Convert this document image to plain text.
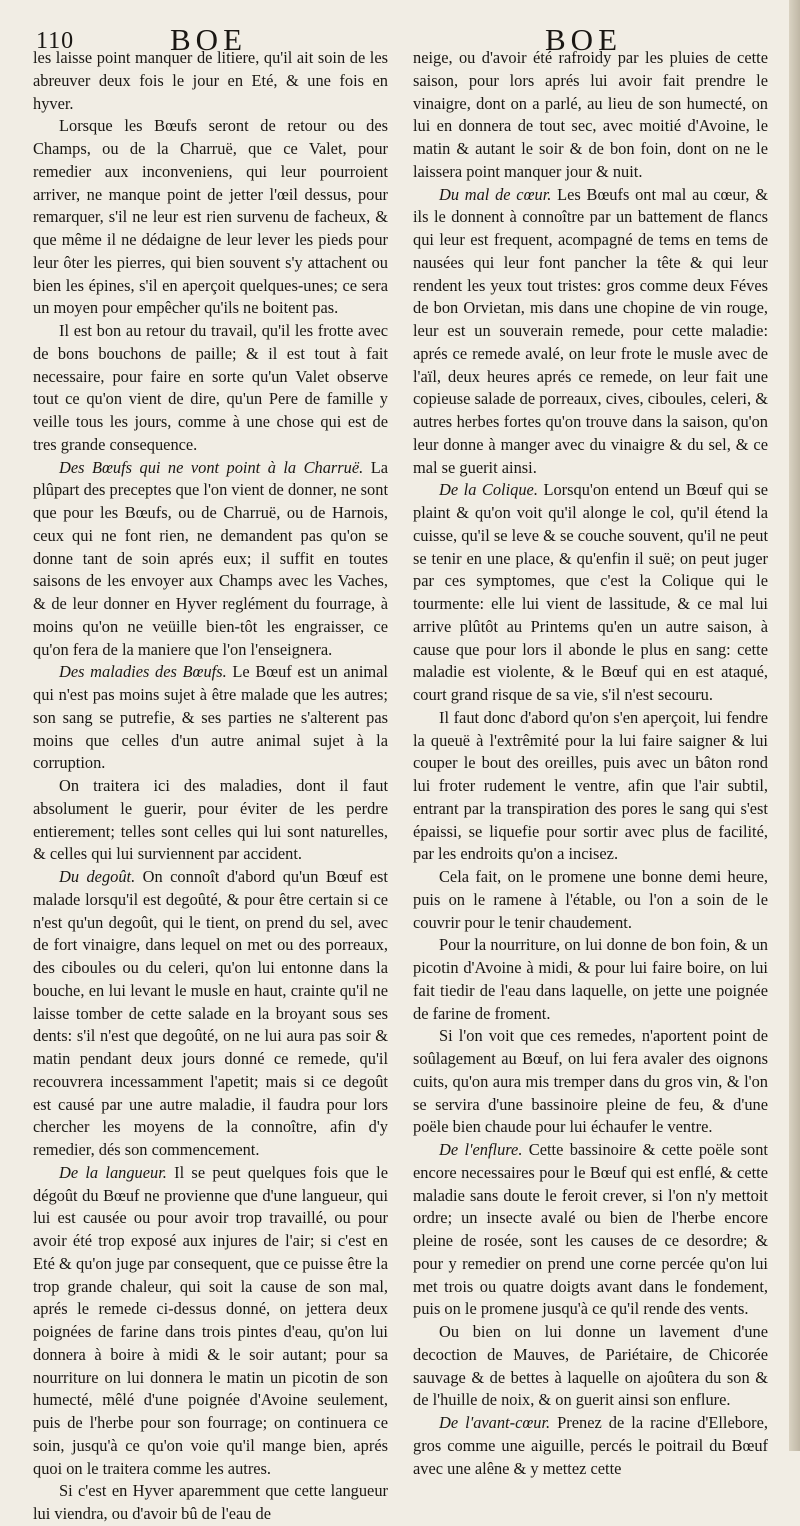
110	BOE	BOE

les laisse point manquer de litiere, qu'il ait soin de les abreuver deux fois le jour en Eté, & une fois en hyver.

Lorsque les Bœufs seront de retour ou des Champs, ou de la Charruë, que ce Valet, pour remedier aux inconveniens, qui leur pourroient arriver, ne manque point de jetter l'œil dessus, pour remarquer, s'il ne leur est rien survenu de facheux, & que même il ne dédaigne de leur lever les pieds pour leur ôter les pierres, qui bien souvent s'y attachent ou bien les épines, s'il en aperçoit quelques-unes; ce sera un moyen pour empêcher qu'ils ne boitent pas.

Il est bon au retour du travail, qu'il les frotte avec de bons bouchons de paille; & il est tout à fait necessaire, pour faire en sorte qu'un Valet observe tout ce qu'on vient de dire, qu'un Pere de famille y veille tous les jours, comme à une chose qui est de tres grande consequence.

Des Bœufs qui ne vont point à la Charruë. La plûpart des preceptes que l'on vient de donner, ne sont que pour les Bœufs, ou de Charruë, ou de Harnois, ceux qui ne font rien, ne demandent pas qu'on se donne tant de soin aprés eux; il suffit en toutes saisons de les envoyer aux Champs avec les Vaches, & de leur donner en Hyver reglément du fourrage, à moins qu'on ne veüille bien-tôt les engraisser, ce qu'on fera de la maniere que l'on l'enseignera.

Des maladies des Bœufs. Le Bœuf est un animal qui n'est pas moins sujet à être malade que les autres; son sang se putrefie, & ses parties ne s'alterent pas moins que celles d'un autre animal sujet à la corruption.

On traitera ici des maladies, dont il faut absolument le guerir, pour éviter de les perdre entierement; telles sont celles qui lui sont naturelles, & celles qui lui surviennent par accident.

Du degoût. On connoît d'abord qu'un Bœuf est malade lorsqu'il est degoûté, & pour être certain si ce n'est qu'un degoût, qui le tient, on prend du sel, avec de fort vinaigre, dans lequel on met ou des porreaux, des ciboules ou du celeri, qu'on lui entonne dans la bouche, en lui levant le musle en haut, crainte qu'il ne laisse tomber de cette salade en la broyant sous ses dents: s'il n'est que degoûté, on ne lui aura pas soir & matin pendant deux jours donné ce remede, qu'il recouvrera incessamment l'apetit; mais si ce degoût est causé par une autre maladie, il faudra pour lors chercher les moyens de la connoître, afin d'y remedier, dés son commencement.

De la langueur. Il se peut quelques fois que le dégoût du Bœuf ne provienne que d'une langueur, qui lui est causée ou pour avoir trop travaillé, ou pour avoir été trop exposé aux injures de l'air; si c'est en Eté & qu'on juge par consequent, que ce puisse être la trop grande chaleur, qui soit la cause de son mal, aprés le remede ci-dessus donné, on jettera deux poignées de farine dans trois pintes d'eau, qu'on lui donnera à boire à midi & le soir autant; pour sa nourriture on lui donnera le matin un picotin de son humecté, mêlé d'une poignée d'Avoine seulement, puis de l'herbe pour son fourrage; on continuera ce soin, jusqu'à ce qu'on voie qu'il mange bien, aprés quoi on le traitera comme les autres.

Si c'est en Hyver aparemment que cette langueur lui viendra, ou d'avoir bû de l'eau de

neige, ou d'avoir été rafroidy par les pluies de cette saison, pour lors aprés lui avoir fait prendre le vinaigre, dont on a parlé, au lieu de son humecté, on lui en donnera de tout sec, avec moitié d'Avoine, le matin & autant le soir & de bon foin, dont on ne le laissera point manquer jour & nuit.

Du mal de cœur. Les Bœufs ont mal au cœur, & ils le donnent à connoître par un battement de flancs qui leur est frequent, acompagné de tems en tems de nausées qui leur font pancher la tête & qui leur rendent les yeux tout tristes: gros comme deux Féves de bon Orvietan, mis dans une chopine de vin rouge, leur est un souverain remede, pour cette maladie: aprés ce remede avalé, on leur frote le musle avec de l'aïl, deux heures aprés ce remede, on leur fait une copieuse salade de porreaux, cives, ciboules, celeri, & autres herbes fortes qu'on trouve dans la saison, qu'on leur donne à manger avec du vinaigre & du sel, & ce mal se guerit ainsi.

De la Colique. Lorsqu'on entend un Bœuf qui se plaint & qu'on voit qu'il alonge le col, qu'il étend la cuisse, qu'il se leve & se couche souvent, qu'il ne peut se tenir en une place, & qu'enfin il suë; on peut juger par ces symptomes, que c'est la Colique qui le tourmente: elle lui vient de lassitude, & ce mal lui arrive plûtôt au Printems qu'en un autre saison, à cause que pour lors il abonde le plus en sang: cette maladie est violente, & le Bœuf qui en est ataqué, court grand risque de sa vie, s'il n'est secouru.

Il faut donc d'abord qu'on s'en aperçoit, lui fendre la queuë à l'extrêmité pour la lui faire saigner & lui couper le bout des oreilles, puis avec un bâton rond lui froter rudement le ventre, afin que l'air subtil, entrant par la transpiration des pores le sang qui s'est épaissi, se liquefie pour sortir avec plus de facilité, par les endroits qu'on a incisez.

Cela fait, on le promene une bonne demi heure, puis on le ramene à l'étable, ou l'on a soin de le couvrir pour le tenir chaudement.

Pour la nourriture, on lui donne de bon foin, & un picotin d'Avoine à midi, & pour lui faire boire, on lui fait tiedir de l'eau dans laquelle, on jette une poignée de farine de froment.

Si l'on voit que ces remedes, n'aportent point de soûlagement au Bœuf, on lui fera avaler des oignons cuits, qu'on aura mis tremper dans du gros vin, & l'on se servira d'une bassinoire pleine de feu, & d'une poële bien chaude pour lui échaufer le ventre.

De l'enflure. Cette bassinoire & cette poële sont encore necessaires pour le Bœuf qui est enflé, & cette maladie sans doute le feroit crever, si l'on n'y mettoit ordre; un insecte avalé ou bien de l'herbe encore pleine de rosée, sont les causes de ce desordre; & pour y remedier on prend une corne percée qu'on lui met trois ou quatre doigts avant dans le fondement, puis on le promene jusqu'à ce qu'il rende des vents.

Ou bien on lui donne un lavement d'une decoction de Mauves, de Pariétaire, de Chicorée sauvage & de bettes à laquelle on ajoûtera du son & de l'huille de noix, & on guerit ainsi son enflure.

De l'avant-cœur. Prenez de la racine d'Ellebore, gros comme une aiguille, percés le poitrail du Bœuf avec une alêne & y mettez cette
